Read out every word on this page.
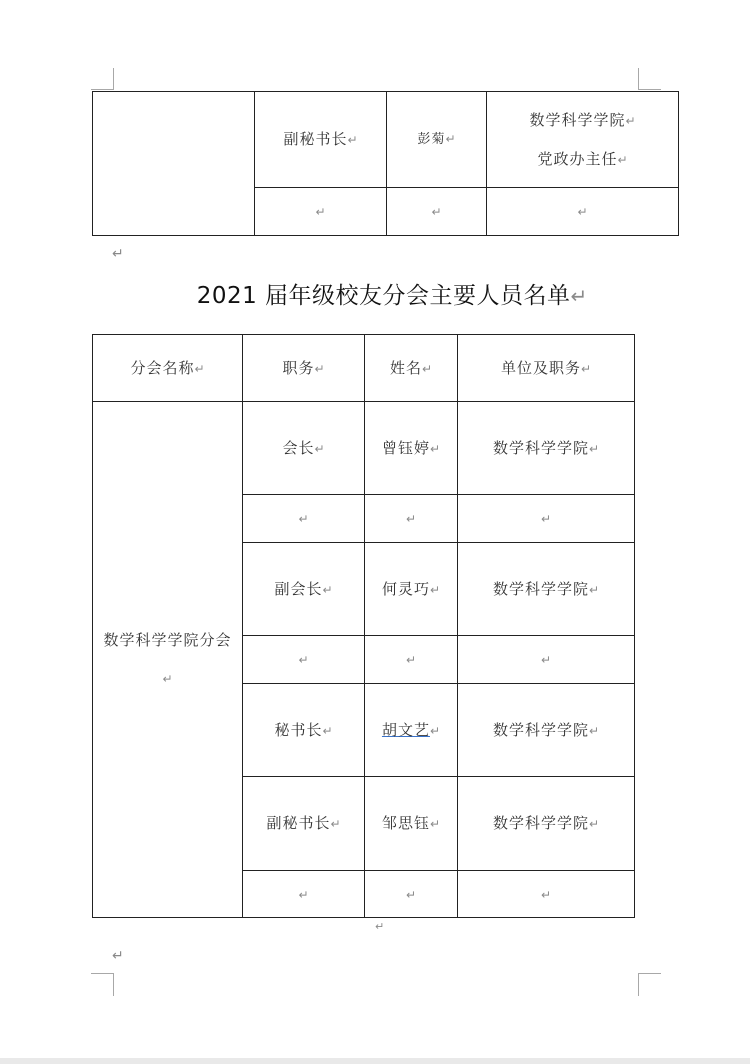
	副秘书长↵	彭菊↵	数学科学学院↵
党政办主任↵
	↵	↵	↵
↵
2021 届年级校友分会主要人员名单↵
分会名称↵	职务↵	姓名↵	单位及职务↵
数学科学学院分会↵	会长↵	曾钰婷↵	数学科学学院↵
	↵	↵	↵
	副会长↵	何灵巧↵	数学科学学院↵
	↵	↵	↵
	秘书长↵	胡文艺↵	数学科学学院↵
	副秘书长↵	邹思钰↵	数学科学学院↵
	↵	↵	↵
↵
↵
